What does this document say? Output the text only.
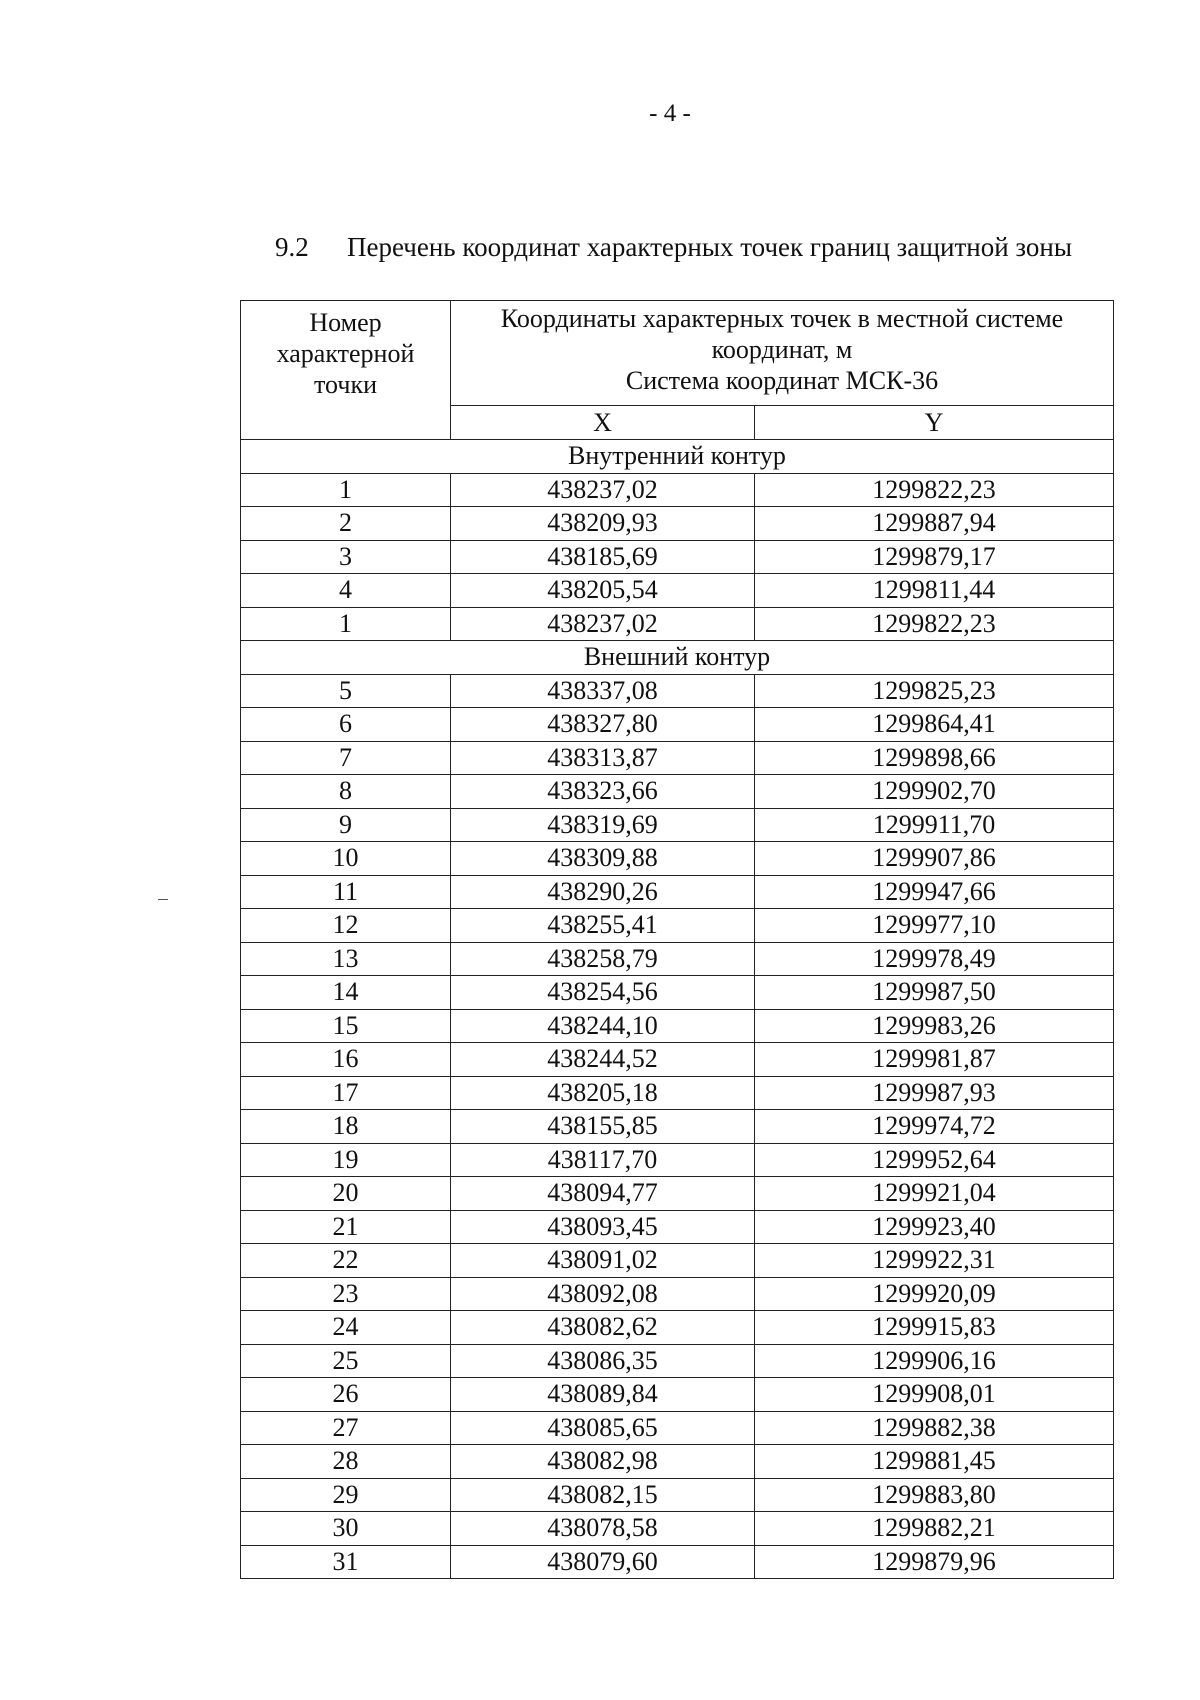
- 4 -
9.2 Перечень координат характерных точек границ защитной зоны
Номер
характерной
точки	Координаты характерных точек в местной системе
координат, м
Система координат МСК-36	

	X	Y
Внутренний контур		
1	438237,02	1299822,23
2	438209,93	1299887,94
3	438185,69	1299879,17
4	438205,54	1299811,44
1	438237,02	1299822,23
Внешний контур		
5	438337,08	1299825,23
6	438327,80	1299864,41
7	438313,87	1299898,66
8	438323,66	1299902,70
9	438319,69	1299911,70
10	438309,88	1299907,86
11	438290,26	1299947,66
12	438255,41	1299977,10
13	438258,79	1299978,49
14	438254,56	1299987,50
15	438244,10	1299983,26
16	438244,52	1299981,87
17	438205,18	1299987,93
18	438155,85	1299974,72
19	438117,70	1299952,64
20	438094,77	1299921,04
21	438093,45	1299923,40
22	438091,02	1299922,31
23	438092,08	1299920,09
24	438082,62	1299915,83
25	438086,35	1299906,16
26	438089,84	1299908,01
27	438085,65	1299882,38
28	438082,98	1299881,45
29	438082,15	1299883,80
30	438078,58	1299882,21
31	438079,60	1299879,96
